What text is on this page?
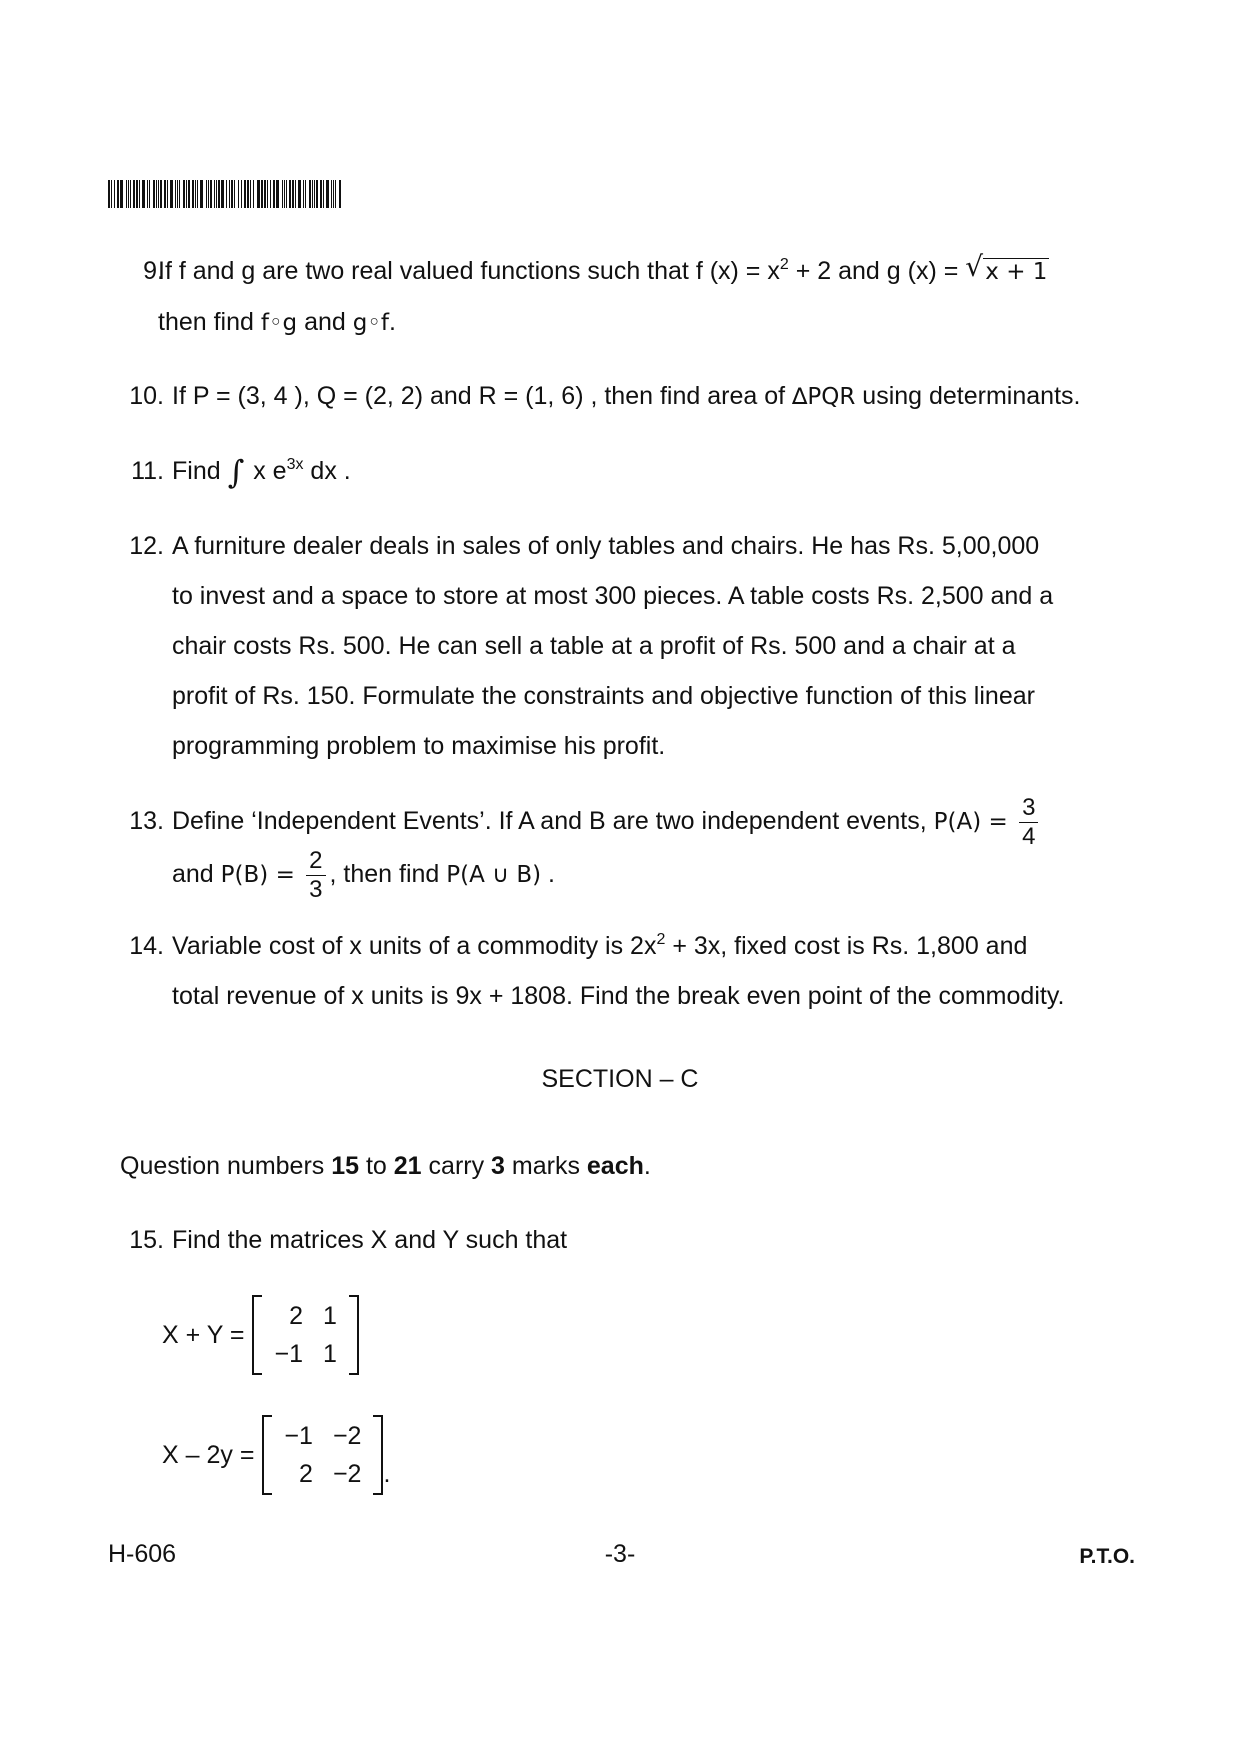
9.
If f and g are two real valued functions such that f $(x) = x^2 + 2$ and g (x) = √ x + 1
then find f◦g and g◦f.
10. If P = (3, 4 ), Q = (2, 2) and R = (1, 6) , then find area of ∆PQR using determinants.
11. Find ∫ x $e^{3x}$ dx .
12. A furniture dealer deals in sales of only tables and chairs. He has Rs. 5,00,000
to invest and a space to store at most 300 pieces. A table costs Rs. 2,500 and a
chair costs Rs. 500. He can sell a table at a profit of Rs. 500 and a chair at a
profit of Rs. 150. Formulate the constraints and objective function of this linear
programming problem to maximise his profit.
13. Define ‘Independent Events’. If A and B are two independent events, $P(A) = \frac{3}{4}$
and $P(B) = \frac{2}{3}$ , then find P(A ∪ B) .
14. Variable cost of x units of a commodity is $2x^2 + 3x$, fixed cost is Rs. 1,800 and
total revenue of x units is 9x + 1808. Find the break even point of the commodity.
SECTION – C
Question numbers 15 to 21 carry 3 marks each.
15. Find the matrices X and Y such that
X + Y =
2	1
−1	1
X – 2y =
−1	−2
2	−2 .
H-606	-3-	P.T.O.
